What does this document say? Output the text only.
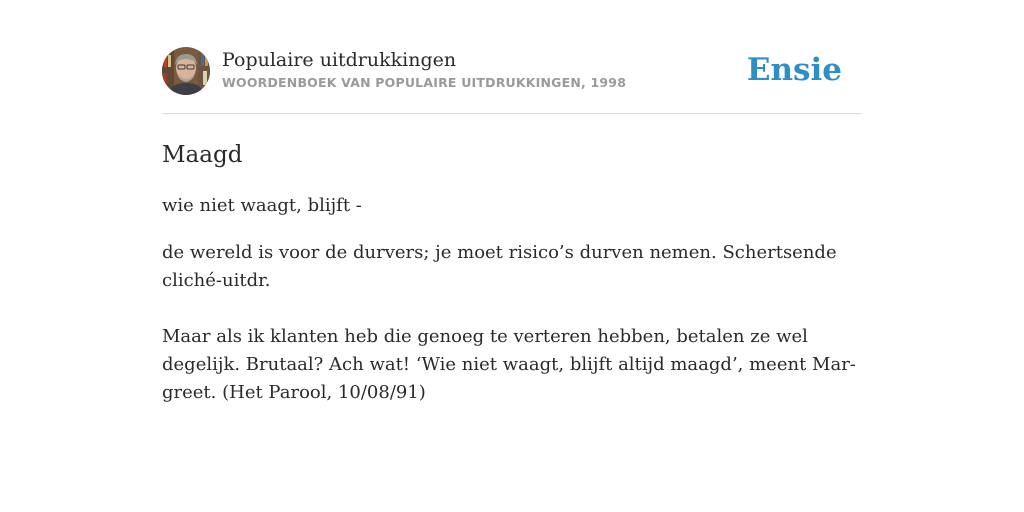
Populaire uitdrukkingen
WOORDENBOEK VAN POPULAIRE UITDRUKKINGEN, 1998	Ensie
Maagd
wie niet waagt, blijft -
de wereld is voor de durvers; je moet risico’s durven nemen. Schertsende cliché-uitdr.
Maar als ik klanten heb die genoeg te verteren hebben, betalen ze wel degelijk. Brutaal? Ach wat! ‘Wie niet waagt, blijft altijd maagd’, meent Mar- greet. (Het Parool, 10/08/91)
